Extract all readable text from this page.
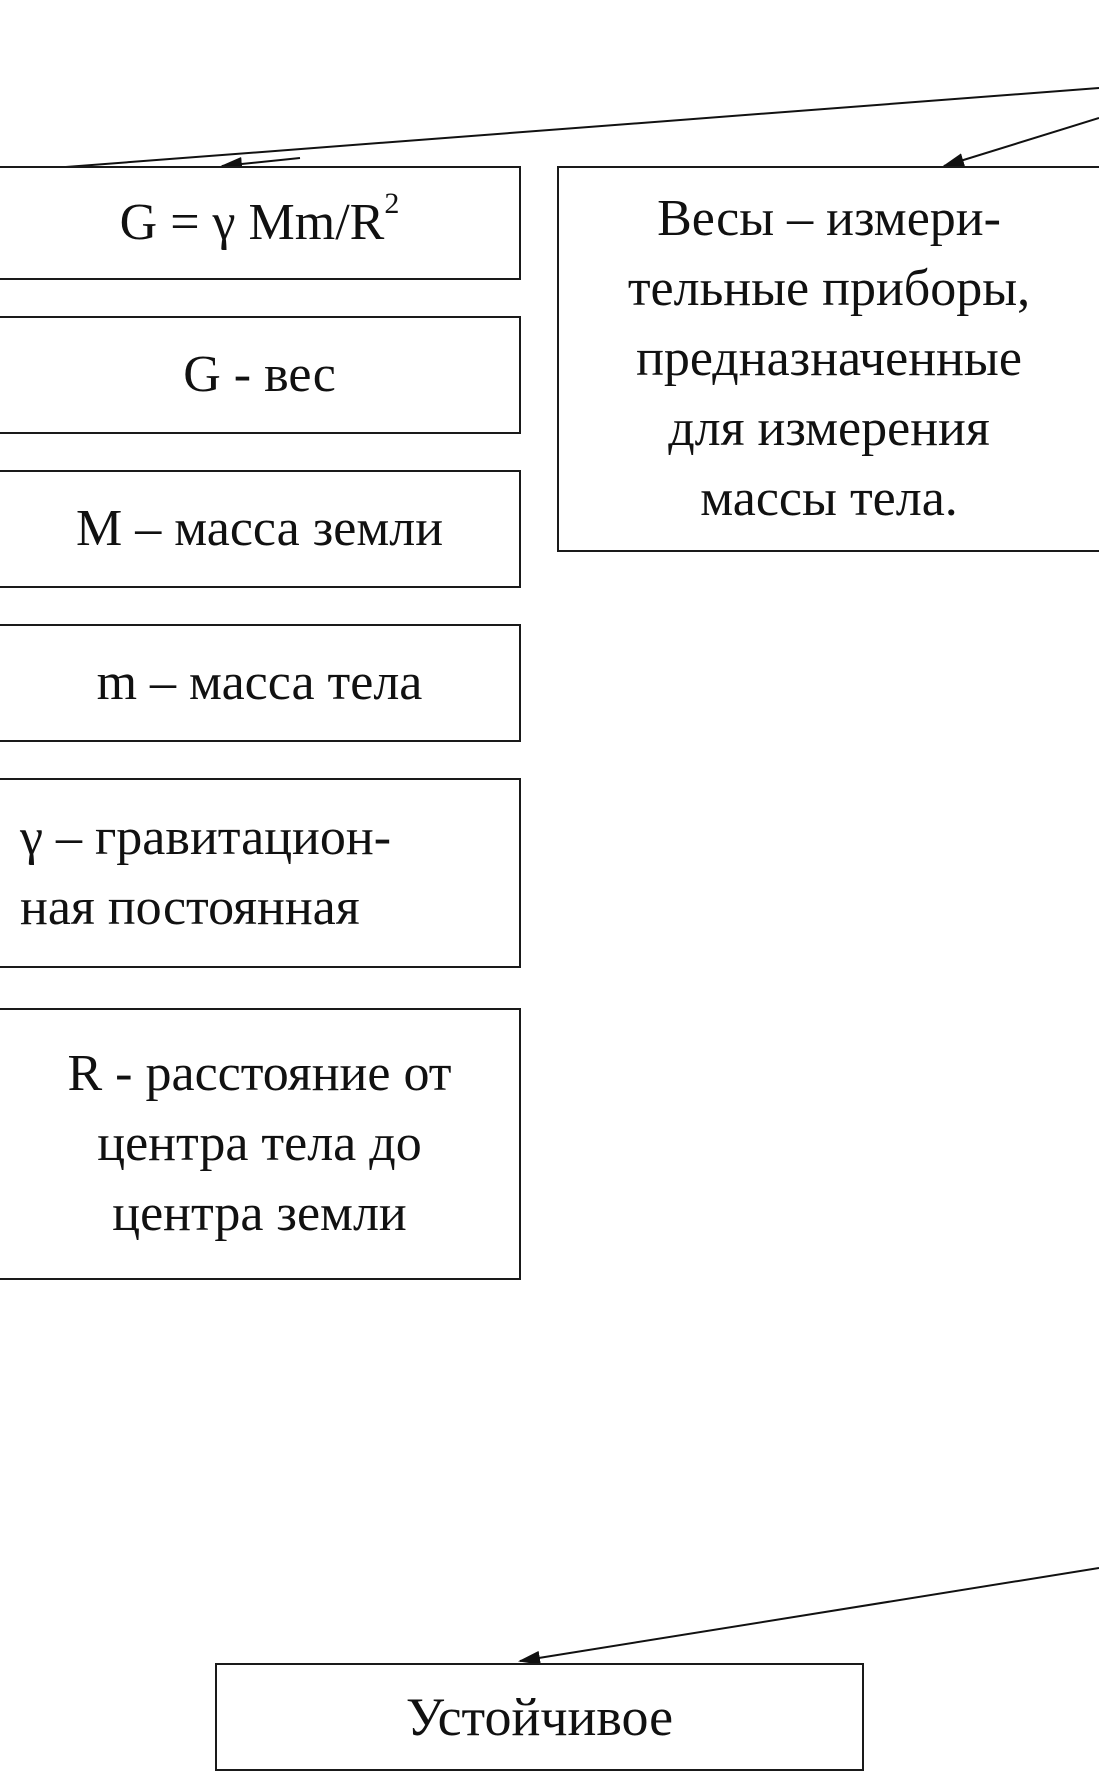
G = γ $Mm/R^2$
G - вес
M – масса земли
m – масса тела
γ – гравитацион-
ная постоянная
R - расстояние от
центра тела до
центра земли
Весы – измери-
тельные приборы,
предназначенные
для измерения
массы тела.
Устойчивое
